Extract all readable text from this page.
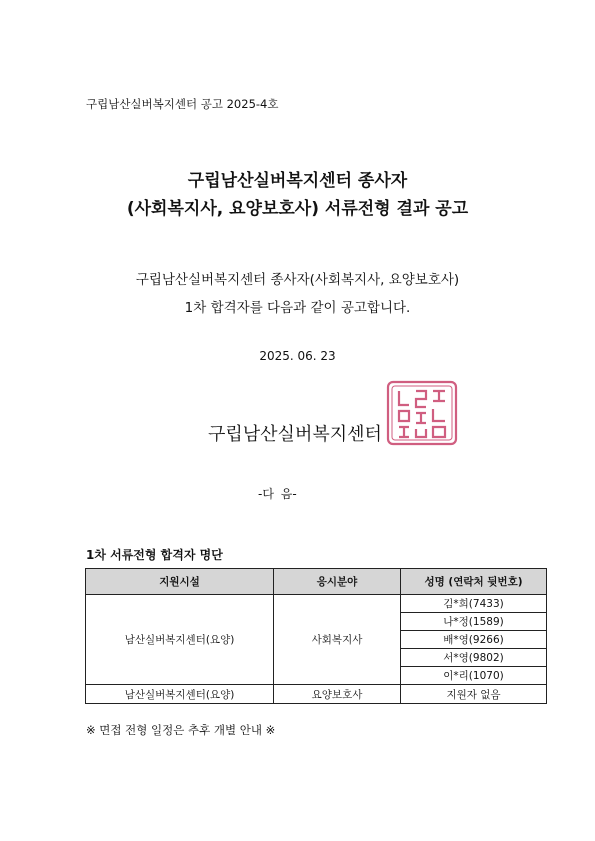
구립남산실버복지센터 공고 2025-4호
구립남산실버복지센터 종사자
(사회복지사, 요양보호사) 서류전형 결과 공고
구립남산실버복지센터 종사자(사회복지사, 요양보호사)
1차 합격자를 다음과 같이 공고합니다.
2025. 06. 23
구립남산실버복지센터
-다 음-
1차 서류전형 합격자 명단
지원시설	응시분야	성명 (연락처 뒷번호)
남산실버복지센터(요양)	사회복지사	김*희(7433)
		나*정(1589)
		배*영(9266)
		서*영(9802)
		이*리(1070)
남산실버복지센터(요양)	요양보호사	지원자 없음
※ 면접 전형 일정은 추후 개별 안내 ※
